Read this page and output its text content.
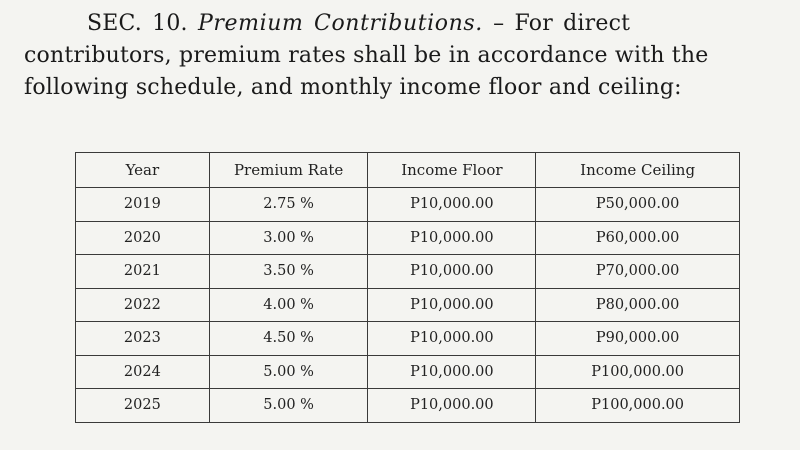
SEC. 10. Premium Contributions. – For direct
contributors, premium rates shall be in accordance with the
following schedule, and monthly income floor and ceiling:
Year	Premium Rate	Income Floor	Income Ceiling
2019	2.75 %	P10,000.00	P50,000.00
2020	3.00 %	P10,000.00	P60,000.00
2021	3.50 %	P10,000.00	P70,000.00
2022	4.00 %	P10,000.00	P80,000.00
2023	4.50 %	P10,000.00	P90,000.00
2024	5.00 %	P10,000.00	P100,000.00
2025	5.00 %	P10,000.00	P100,000.00
